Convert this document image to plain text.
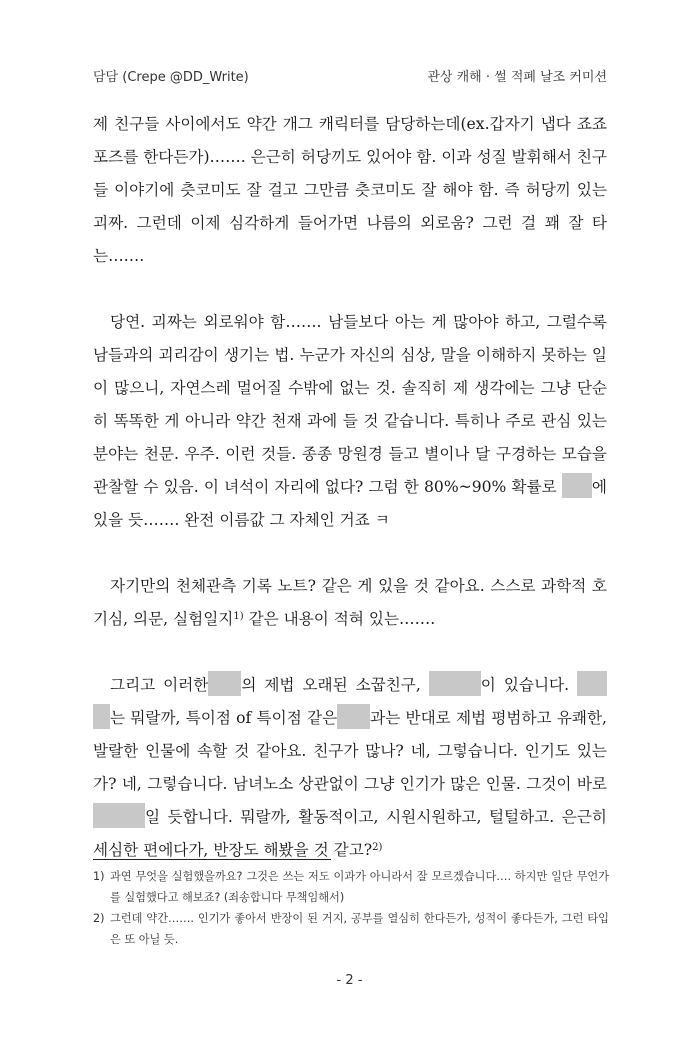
담담 (Crepe @DD_Write)	관상 캐해 · 썰 적폐 날조 커미션

제 친구들 사이에서도 약간 개그 캐릭터를 담당하는데(ex.갑자기 냅다 죠죠포즈를 한다든가)……. 은근히 허당끼도 있어야 함. 이과 성질 발휘해서 친구들 이야기에 츳코미도 잘 걸고 그만큼 츳코미도 잘 해야 함. 즉 허당끼 있는 괴짜. 그런데 이제 심각하게 들어가면 나름의 외로움? 그런 걸 꽤 잘 타는…….

당연. 괴짜는 외로워야 함……. 남들보다 아는 게 많아야 하고, 그럴수록 남들과의 괴리감이 생기는 법. 누군가 자신의 심상, 말을 이해하지 못하는 일이 많으니, 자연스레 멀어질 수밖에 없는 것. 솔직히 제 생각에는 그냥 단순히 똑똑한 게 아니라 약간 천재 과에 들 것 같습니다. 특히나 주로 관심 있는 분야는 천문. 우주. 이런 것들. 종종 망원경 들고 별이나 달 구경하는 모습을 관찰할 수 있음. 이 녀석이 자리에 없다? 그럼 한 80%~90% 확률로 에 있을 듯……. 완전 이름값 그 자체인 거죠 ㅋ

자기만의 천체관측 기록 노트? 같은 게 있을 것 같아요. 스스로 과학적 호기심, 의문, 실험일지$^{1)}$ 같은 내용이 적혀 있는…….

그리고 이러한 의 제법 오래된 소꿉친구,	이 있습니다.  는 뭐랄까, 특이점 of 특이점 같은 과는 반대로 제법 평범하고 유쾌한, 발랄한 인물에 속할 것 같아요. 친구가 많나? 네, 그렇습니다. 인기도 있는가? 네, 그렇습니다. 남녀노소 상관없이 그냥 인기가 많은 인물. 그것이 바로 일 듯합니다. 뭐랄까, 활동적이고, 시원시원하고, 털털하고. 은근히 세심한 편에다가, 반장도 해봤을 것 같고?$^{2)}$

1) 과연 무엇을 실험했을까요? 그것은 쓰는 저도 이과가 아니라서 잘 모르겠습니다…. 하지만 일단 무언가를 실험했다고 해보죠? (죄송합니다 무책임해서)
2) 그런데 약간……. 인기가 좋아서 반장이 된 거지, 공부를 열심히 한다든가, 성적이 좋다든가, 그런 타입은 또 아닐 듯.
- 2 -
